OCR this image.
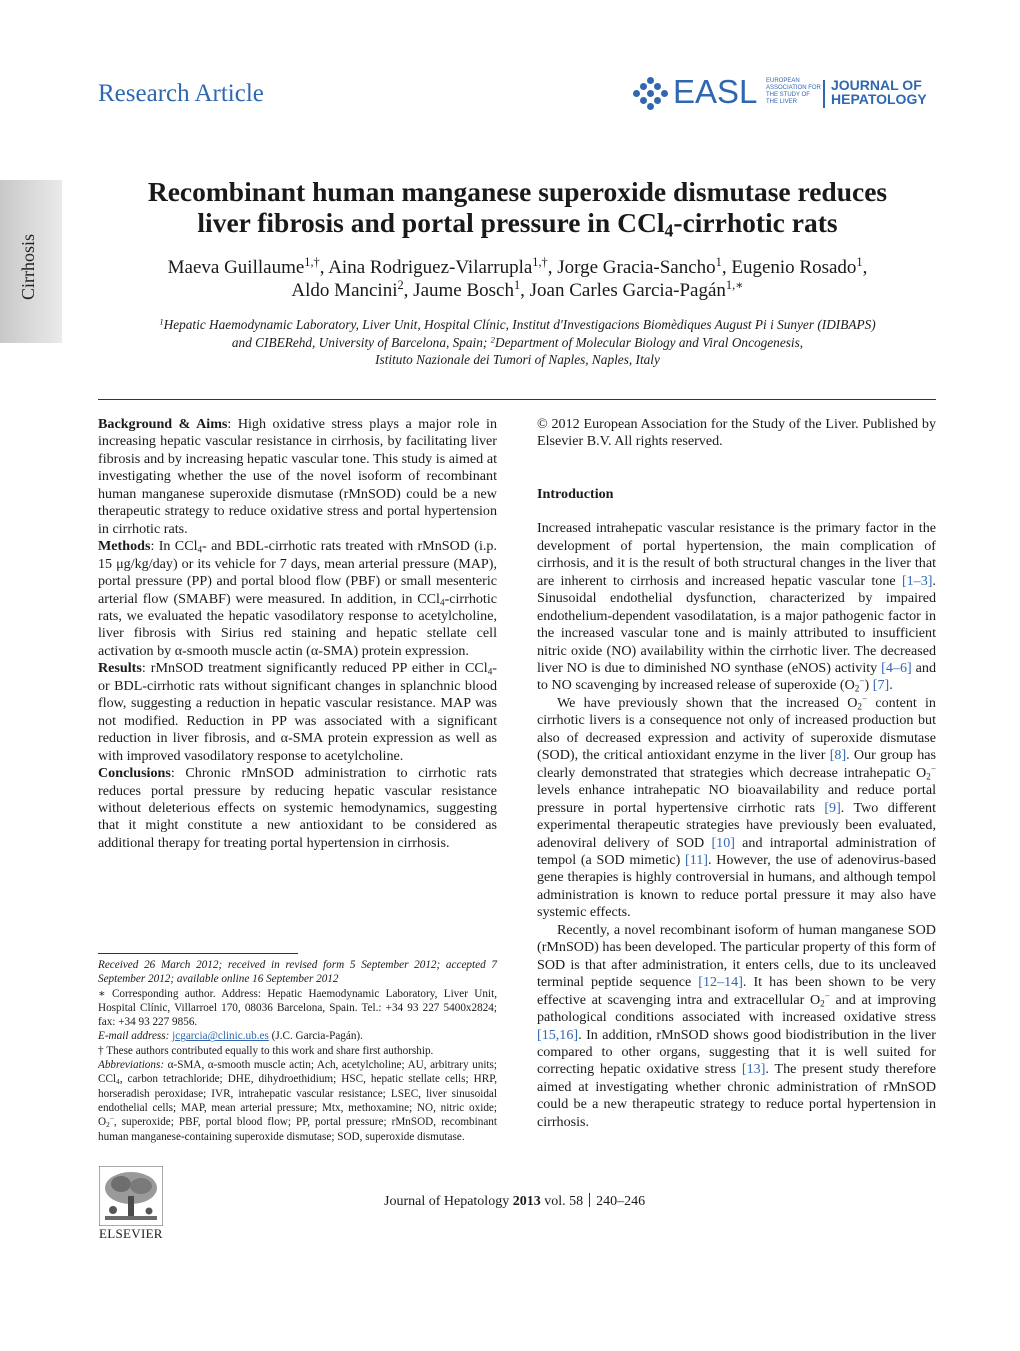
Research Article	EASL EUROPEAN ASSOCIATION FOR THE STUDY OF THE LIVER
JOURNAL OF HEPATOLOGY
Cirrhosis
Recombinant human manganese superoxide dismutase reduces
liver fibrosis and portal pressure in CCl$_4$-cirrhotic rats
Maeva Guillaume$^{1,\dagger}$, Aina Rodriguez-Vilarrupla$^{1,\dagger}$, Jorge Gracia-Sancho$^1$, Eugenio Rosado$^1$,
Aldo Mancini$^2$, Jaume Bosch$^1$, Joan Carles Garcia-Pagán$^{1,∗}$
$^1$Hepatic Haemodynamic Laboratory, Liver Unit, Hospital Clínic, Institut d'Investigacions Biomèdiques August Pi i Sunyer (IDIBAPS)
and CIBERehd, University of Barcelona, Spain; $^2$Department of Molecular Biology and Viral Oncogenesis,
Istituto Nazionale dei Tumori of Naples, Naples, Italy

Background & Aims: High oxidative stress plays a major role in increasing hepatic vascular resistance in cirrhosis, by facilitating liver fibrosis and by increasing hepatic vascular tone. This study is aimed at investigating whether the use of the novel isoform of recombinant human manganese superoxide dismutase (rMnSOD) could be a new therapeutic strategy to reduce oxidative stress and portal hypertension in cirrhotic rats.

Methods: In CCl$_4$- and BDL-cirrhotic rats treated with rMnSOD (i.p. 15 μg/kg/day) or its vehicle for 7 days, mean arterial pressure (MAP), portal pressure (PP) and portal blood flow (PBF) or small mesenteric arterial flow (SMABF) were measured. In addition, in CCl$_4$-cirrhotic rats, we evaluated the hepatic vasodilatory response to acetylcholine, liver fibrosis with Sirius red staining and hepatic stellate cell activation by α-smooth muscle actin (α-SMA) protein expression.

Results: rMnSOD treatment significantly reduced PP either in CCl$_4$- or BDL-cirrhotic rats without significant changes in splanchnic blood flow, suggesting a reduction in hepatic vascular resistance. MAP was not modified. Reduction in PP was associated with a significant reduction in liver fibrosis, and α-SMA protein expression as well as with improved vasodilatory response to acetylcholine.

Conclusions: Chronic rMnSOD administration to cirrhotic rats reduces portal pressure by reducing hepatic vascular resistance without deleterious effects on systemic hemodynamics, suggesting that it might constitute a new antioxidant to be considered as additional therapy for treating portal hypertension in cirrhosis.

Received 26 March 2012; received in revised form 5 September 2012; accepted 7 September 2012; available online 16 September 2012

∗ Corresponding author. Address: Hepatic Haemodynamic Laboratory, Liver Unit, Hospital Clínic, Villarroel 170, 08036 Barcelona, Spain. Tel.: +34 93 227 5400x2824; fax: +34 93 227 9856.

E-mail address: jcgarcia@clinic.ub.es (J.C. Garcia-Pagán).

† These authors contributed equally to this work and share first authorship.

Abbreviations: α-SMA, α-smooth muscle actin; Ach, acetylcholine; AU, arbitrary units; CCl$_4$, carbon tetrachloride; DHE, dihydroethidium; HSC, hepatic stellate cells; HRP, horseradish peroxidase; IVR, intrahepatic vascular resistance; LSEC, liver sinusoidal endothelial cells; MAP, mean arterial pressure; Mtx, methoxamine; NO, nitric oxide; $O_2^-$, superoxide; PBF, portal blood flow; PP, portal pressure; rMnSOD, recombinant human manganese-containing superoxide dismutase; SOD, superoxide dismutase.

© 2012 European Association for the Study of the Liver. Published by Elsevier B.V. All rights reserved.

Introduction

Increased intrahepatic vascular resistance is the primary factor in the development of portal hypertension, the main complication of cirrhosis, and it is the result of both structural changes in the liver that are inherent to cirrhosis and increased hepatic vascular tone [1–3]. Sinusoidal endothelial dysfunction, characterized by impaired endothelium-dependent vasodilatation, is a major pathogenic factor in the increased vascular tone and is mainly attributed to insufficient nitric oxide (NO) availability within the cirrhotic liver. The decreased liver NO is due to diminished NO synthase (eNOS) activity [4–6] and to NO scavenging by increased release of superoxide $(O_2^-)$ [7].

We have previously shown that the increased $O_2^-$ content in cirrhotic livers is a consequence not only of increased production but also of decreased expression and activity of superoxide dismutase (SOD), the critical antioxidant enzyme in the liver [8]. Our group has clearly demonstrated that strategies which decrease intrahepatic $O_2^-$ levels enhance intrahepatic NO bioavailability and reduce portal pressure in portal hypertensive cirrhotic rats [9]. Two different experimental therapeutic strategies have previously been evaluated, adenoviral delivery of SOD [10] and intraportal administration of tempol (a SOD mimetic) [11]. However, the use of adenovirus-based gene therapies is highly controversial in humans, and although tempol administration is known to reduce portal pressure it may also have systemic effects.

Recently, a novel recombinant isoform of human manganese SOD (rMnSOD) has been developed. The particular property of this form of SOD is that after administration, it enters cells, due to its uncleaved terminal peptide sequence [12–14]. It has been shown to be very effective at scavenging intra and extracellular $O_2^-$ and at improving pathological conditions associated with increased oxidative stress [15,16]. In addition, rMnSOD shows good biodistribution in the liver compared to other organs, suggesting that it is well suited for correcting hepatic oxidative stress [13]. The present study therefore aimed at investigating whether chronic administration of rMnSOD could be a new therapeutic strategy to reduce portal hypertension in cirrhosis.

ELSEVIER
Journal of Hepatology 2013 vol. 58 240–246
